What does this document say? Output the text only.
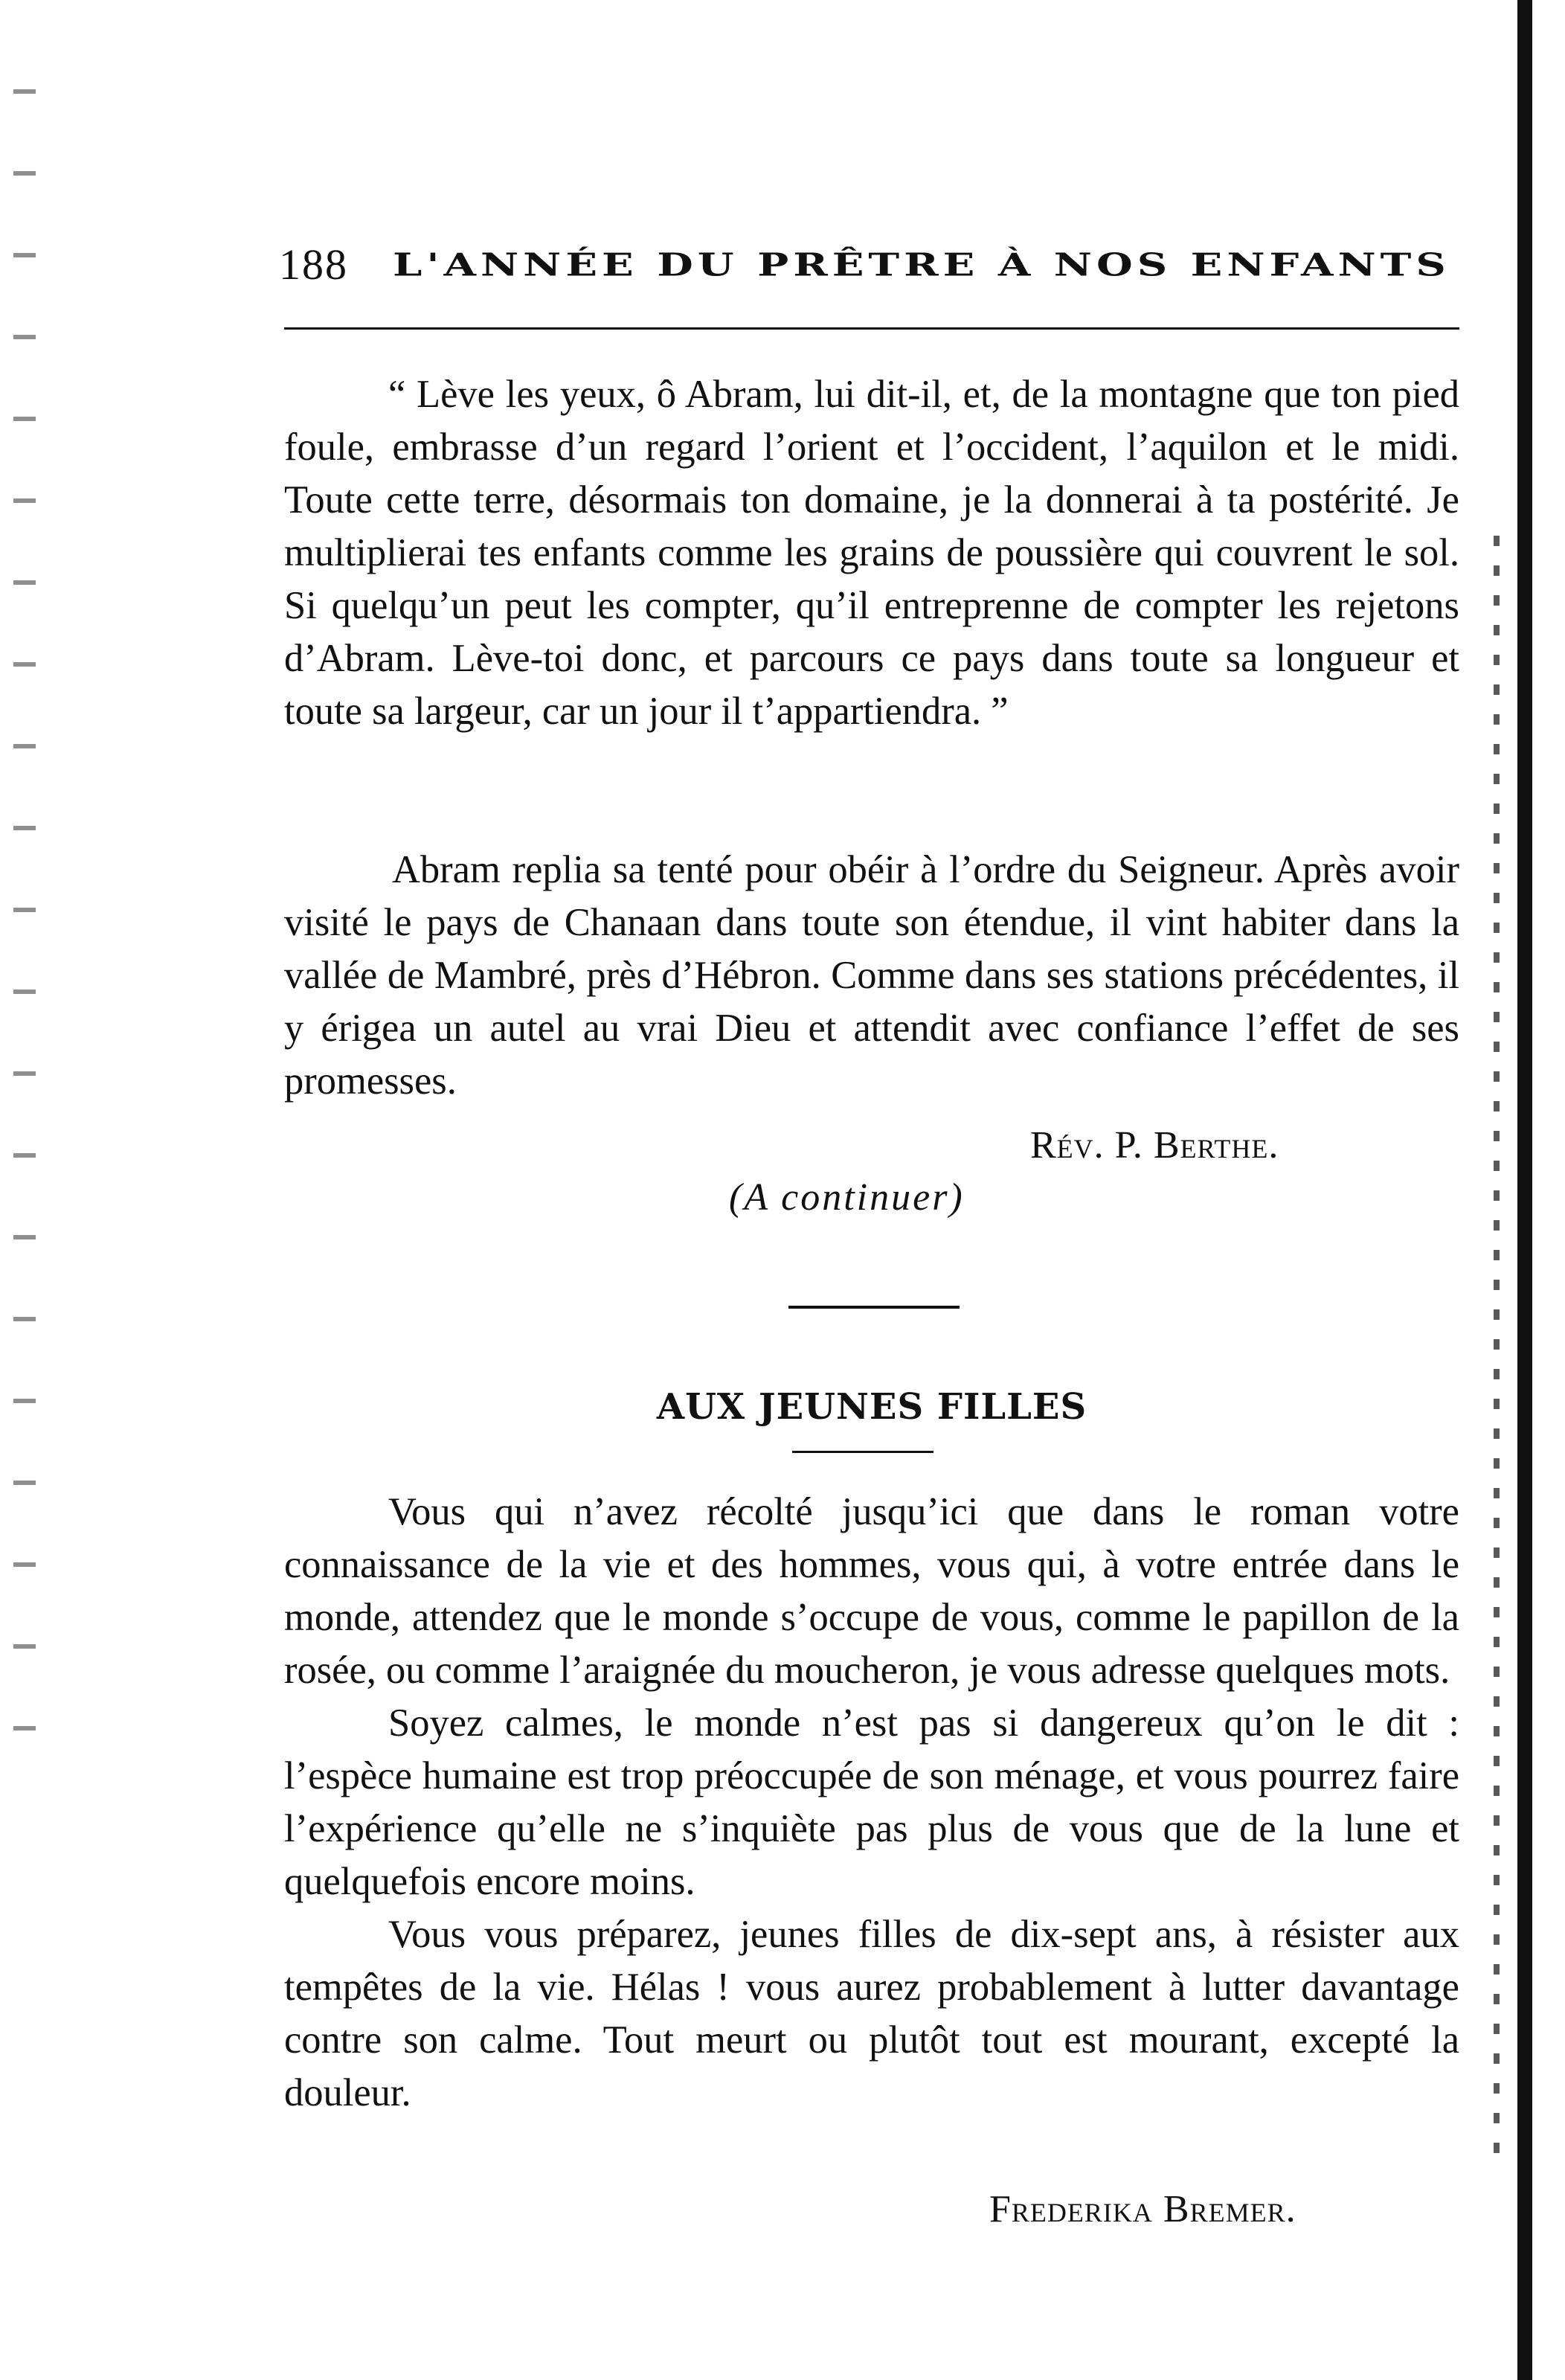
188 L'ANNÉE DU PRÊTRE À NOS ENFANTS

“ Lève les yeux, ô Abram, lui dit-il, et, de la montagne que ton pied foule, embrasse d’un regard l’orient et l’occident, l’aquilon et le midi. Toute cette terre, désormais ton domaine, je la donnerai à ta postérité. Je multiplierai tes enfants comme les grains de poussière qui couvrent le sol. Si quelqu’un peut les compter, qu’il entreprenne de compter les rejetons d’Abram. Lève-toi donc, et parcours ce pays dans toute sa longueur et toute sa largeur, car un jour il t’appartiendra. ”

Abram replia sa tenté pour obéir à l’ordre du Seigneur. Après avoir visité le pays de Chanaan dans toute son étendue, il vint habiter dans la vallée de Mambré, près d’Hébron. Comme dans ses stations précédentes, il y érigea un autel au vrai Dieu et attendit avec confiance l’effet de ses promesses.

Rév. P. Berthe.
(A continuer)
AUX JEUNES FILLES

Vous qui n’avez récolté jusqu’ici que dans le roman votre connaissance de la vie et des hommes, vous qui, à votre entrée dans le monde, attendez que le monde s’occupe de vous, comme le papillon de la rosée, ou comme l’araignée du moucheron, je vous adresse quelques mots.

Soyez calmes, le monde n’est pas si dangereux qu’on le dit : l’espèce humaine est trop préoccupée de son ménage, et vous pourrez faire l’expérience qu’elle ne s’inquiète pas plus de vous que de la lune et quelquefois encore moins.

Vous vous préparez, jeunes filles de dix-sept ans, à résister aux tempêtes de la vie. Hélas ! vous aurez probablement à lutter davantage contre son calme. Tout meurt ou plutôt tout est mourant, excepté la douleur.

Frederika Bremer.
